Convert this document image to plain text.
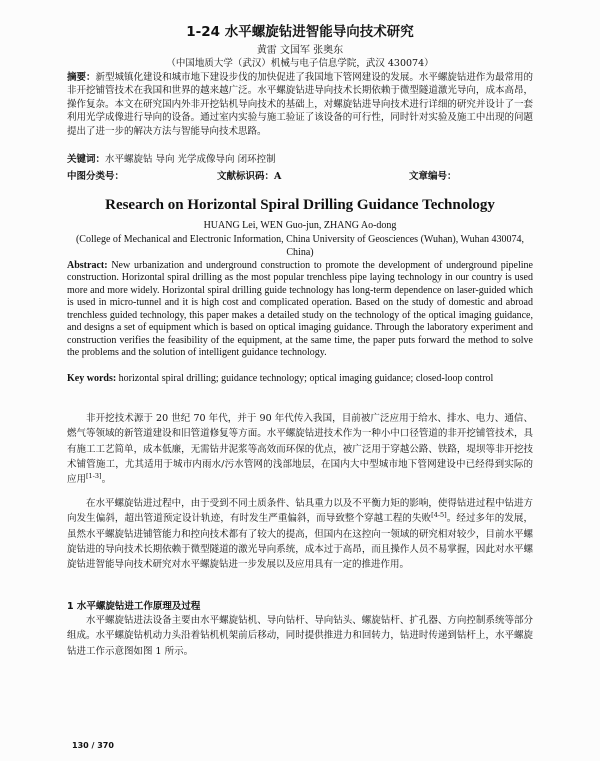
1-24 水平螺旋钻进智能导向技术研究
黄雷 文国军 张奥东
（中国地质大学（武汉）机械与电子信息学院，武汉 430074）
摘要：新型城镇化建设和城市地下建设步伐的加快促进了我国地下管网建设的发展。水平螺旋钻进作为最常用的非开挖铺管技术在我国和世界的越来越广泛。水平螺旋钻进导向技术长期依赖于微型隧道激光导向，成本高昂，操作复杂。本文在研究国内外非开挖钻机导向技术的基础上，对螺旋钻进导向技术进行详细的研究并设计了一套利用光学成像进行导向的设备。通过室内实验与施工验证了该设备的可行性，同时针对实验及施工中出现的问题提出了进一步的解决方法与智能导向技术思路。
关键词：水平螺旋钻 导向 光学成像导向 闭环控制
中图分类号：	文献标识码：A	文章编号：
Research on Horizontal Spiral Drilling Guidance Technology
HUANG Lei, WEN Guo-jun, ZHANG Ao-dong
(College of Mechanical and Electronic Information, China University of Geosciences (Wuhan), Wuhan 430074, China)
Abstract: New urbanization and underground construction to promote the development of underground pipeline construction. Horizontal spiral drilling as the most popular trenchless pipe laying technology in our country is used more and more widely. Horizontal spiral drilling guide technology has long-term dependence on laser-guided which is used in micro-tunnel and it is high cost and complicated operation. Based on the study of domestic and abroad trenchless guided technology, this paper makes a detailed study on the technology of the optical imaging guidance, and designs a set of equipment which is based on optical imaging guidance. Through the laboratory experiment and construction verifies the feasibility of the equipment, at the same time, the paper puts forward the method to solve the problems and the solution of intelligent guidance technology.
Key words: horizontal spiral drilling; guidance technology; optical imaging guidance; closed-loop control

非开挖技术源于 20 世纪 70 年代，并于 90 年代传入我国，目前被广泛应用于给水、排水、电力、通信、燃气等领域的新管道建设和旧管道修复等方面。水平螺旋钻进技术作为一种小中口径管道的非开挖铺管技术，具有施工工艺简单，成本低廉，无需钻井泥浆等高效而环保的优点，被广泛用于穿越公路、铁路，堤坝等非开挖技术铺管施工，尤其适用于城市内雨水/污水管网的浅部地层，在国内大中型城市地下管网建设中已经得到实际的应用[1-3]。

在水平螺旋钻进过程中，由于受到不同土质条件、钻具重力以及不平衡力矩的影响，使得钻进过程中钻进方向发生偏斜，超出管道预定设计轨迹，有时发生严重偏斜，而导致整个穿越工程的失败[4-5]。经过多年的发展，虽然水平螺旋钻进铺管能力和控向技术都有了较大的提高，但国内在这控向一领域的研究相对较少，目前水平螺旋钻进的导向技术长期依赖于微型隧道的激光导向系统，成本过于高昂，而且操作人员不易掌握，因此对水平螺旋钻进智能导向技术研究对水平螺旋钻进一步发展以及应用具有一定的推进作用。

1 水平螺旋钻进工作原理及过程

水平螺旋钻进法设备主要由水平螺旋钻机、导向钻杆、导向钻头、螺旋钻杆、扩孔器、方向控制系统等部分组成。水平螺旋钻机动力头沿着钻机机架前后移动，同时提供推进力和回转力，钻进时传递到钻杆上，水平螺旋钻进工作示意图如图 1 所示。

130 / 370
